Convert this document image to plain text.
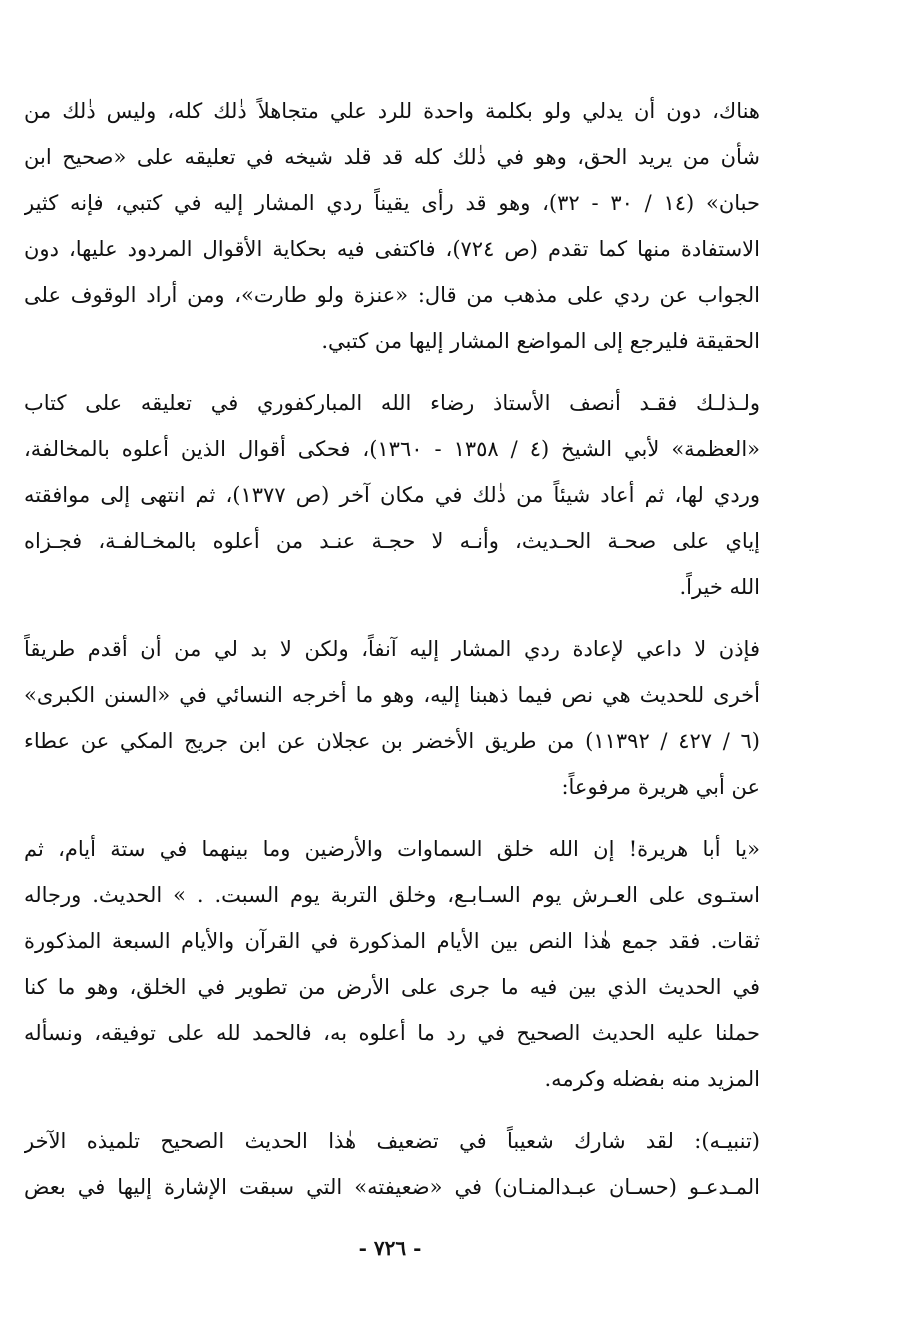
هناك، دون أن يدلي ولو بكلمة واحدة للرد علي متجاهلاً ذٰلك كله، وليس ذٰلك من
شأن من يريد الحق، وهو في ذٰلك كله قد قلد شيخه في تعليقه على «صحيح ابن
حبان» (١٤ / ٣٠ - ٣٢)، وهو قد رأى يقيناً ردي المشار إليه في كتبي، فإنه كثير
الاستفادة منها كما تقدم (ص ٧٢٤)، فاكتفى فيه بحكاية الأقوال المردود عليها، دون
الجواب عن ردي على مذهب من قال: «عنزة ولو طارت»، ومن أراد الوقوف على
الحقيقة فليرجع إلى المواضع المشار إليها من كتبي.
ولـذلـك فقـد أنصف الأستاذ رضاء الله المباركفوري في تعليقه على كتاب
«العظمة» لأبي الشيخ (٤ / ١٣٥٨ - ١٣٦٠)، فحكى أقوال الذين أعلوه بالمخالفة،
وردي لها، ثم أعاد شيئاً من ذٰلك في مكان آخر (ص ١٣٧٧)، ثم انتهى إلى موافقته
إياي على صحـة الحـديث، وأنـه لا حجـة عنـد من أعلوه بالمخـالفـة، فجـزاه
الله خيراً.
فإذن لا داعي لإعادة ردي المشار إليه آنفاً، ولكن لا بد لي من أن أقدم طريقاً
أخرى للحديث هي نص فيما ذهبنا إليه، وهو ما أخرجه النسائي في «السنن الكبرى»
(٦ / ٤٢٧ / ١١٣٩٢) من طريق الأخضر بن عجلان عن ابن جريج المكي عن عطاء
عن أبي هريرة مرفوعاً:
«يا أبا هريرة! إن الله خلق السماوات والأرضين وما بينهما في ستة أيام، ثم
استـوى على العـرش يوم السـابـع، وخلق التربة يوم السبت. . » الحديث. ورجاله
ثقات. فقد جمع هٰذا النص بين الأيام المذكورة في القرآن والأيام السبعة المذكورة
في الحديث الذي بين فيه ما جرى على الأرض من تطوير في الخلق، وهو ما كنا
حملنا عليه الحديث الصحيح في رد ما أعلوه به، فالحمد لله على توفيقه، ونسأله
المزيد منه بفضله وكرمه.
(تنبيـه): لقد شارك شعيباً في تضعيف هٰذا الحديث الصحيح تلميذه الآخر
المـدعـو (حسـان عبـدالمنـان) في «ضعيفته» التي سبقت الإشارة إليها في بعض
- ٧٢٦ -
